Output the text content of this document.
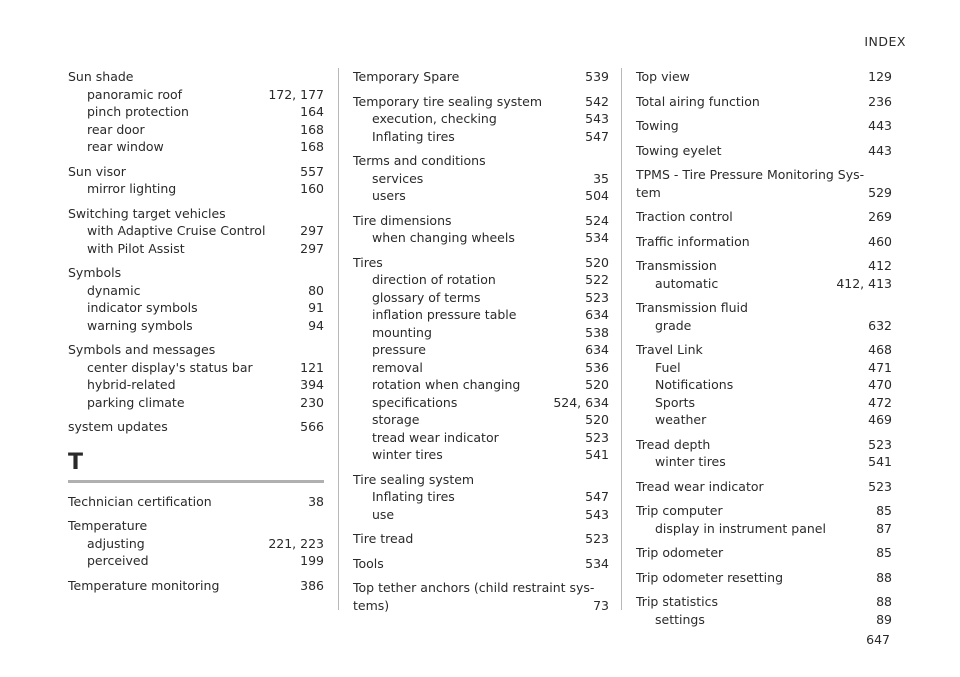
INDEX
Sun shade
panoramic roof	172, 177
pinch protection	164
rear door	168
rear window	168
Sun visor	557
mirror lighting	160
Switching target vehicles
with Adaptive Cruise Control	297
with Pilot Assist	297
Symbols
dynamic	80
indicator symbols	91
warning symbols	94
Symbols and messages
center display's status bar	121
hybrid-related	394
parking climate	230
system updates	566
T
Technician certification	38
Temperature
adjusting	221, 223
perceived	199
Temperature monitoring	386
Temporary Spare	539
Temporary tire sealing system	542
execution, checking	543
Inflating tires	547
Terms and conditions
services	35
users	504
Tire dimensions	524
when changing wheels	534
Tires	520
direction of rotation	522
glossary of terms	523
inflation pressure table	634
mounting	538
pressure	634
removal	536
rotation when changing	520
specifications	524, 634
storage	520
tread wear indicator	523
winter tires	541
Tire sealing system
Inflating tires	547
use	543
Tire tread	523
Tools	534
Top tether anchors (child restraint sys-
tems)	73
Top view	129
Total airing function	236
Towing	443
Towing eyelet	443
TPMS - Tire Pressure Monitoring Sys-
tem	529
Traction control	269
Traffic information	460
Transmission	412
automatic	412, 413
Transmission fluid
grade	632
Travel Link	468
Fuel	471
Notifications	470
Sports	472
weather	469
Tread depth	523
winter tires	541
Tread wear indicator	523
Trip computer	85
display in instrument panel	87
Trip odometer	85
Trip odometer resetting	88
Trip statistics	88
settings	89
647
